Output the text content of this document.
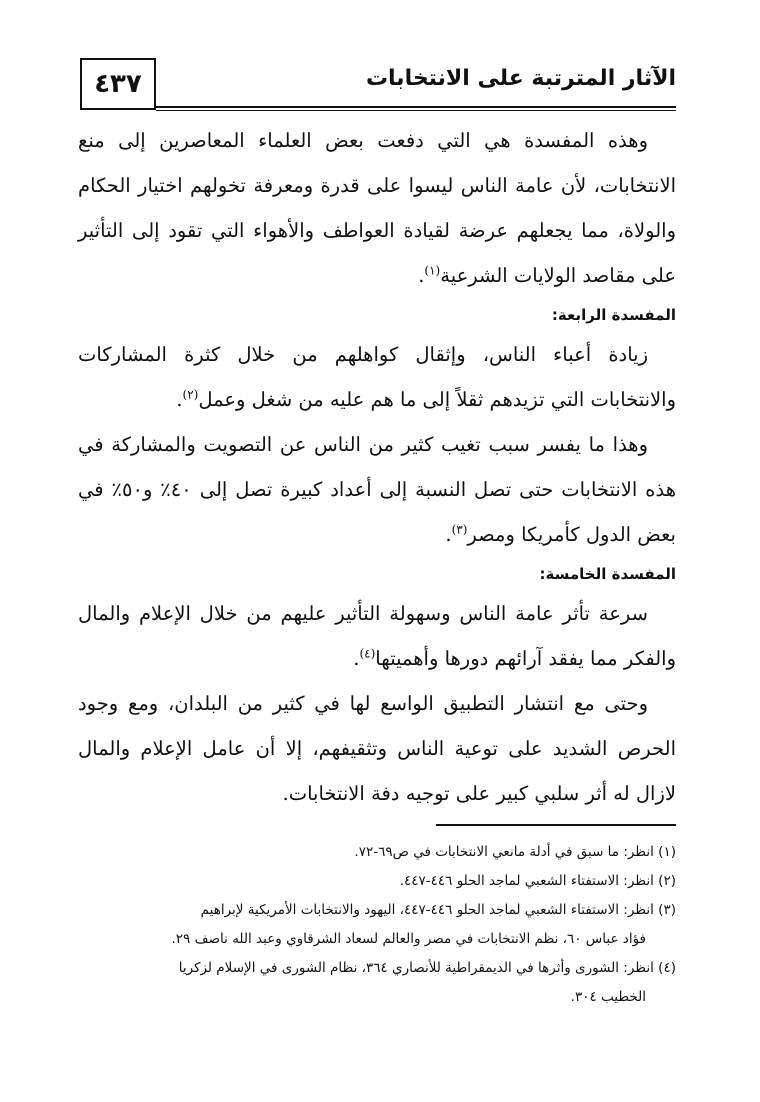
٤٣٧	الآثار المترتبة على الانتخابات

وهذه المفسدة هي التي دفعت بعض العلماء المعاصرين إلى منع الانتخابات، لأن عامة الناس ليسوا على قدرة ومعرفة تخولهم اختيار الحكام والولاة، مما يجعلهم عرضة لقيادة العواطف والأهواء التي تقود إلى التأثير على مقاصد الولايات الشرعية$^{(١)}$.

المفسدة الرابعة:

زيادة أعباء الناس، وإثقال كواهلهم من خلال كثرة المشاركات والانتخابات التي تزيدهم ثقلاً إلى ما هم عليه من شغل وعمل$^{(٢)}$.

وهذا ما يفسر سبب تغيب كثير من الناس عن التصويت والمشاركة في هذه الانتخابات حتى تصل النسبة إلى أعداد كبيرة تصل إلى ٤٠٪ و٥٠٪ في بعض الدول كأمريكا ومصر$^{(٣)}$.

المفسدة الخامسة:

سرعة تأثر عامة الناس وسهولة التأثير عليهم من خلال الإعلام والمال والفكر مما يفقد آرائهم دورها وأهميتها$^{(٤)}$.

وحتى مع انتشار التطبيق الواسع لها في كثير من البلدان، ومع وجود الحرص الشديد على توعية الناس وتثقيفهم، إلا أن عامل الإعلام والمال لازال له أثر سلبي كبير على توجيه دفة الانتخابات.

(١) انظر: ما سبق في أدلة مانعي الانتخابات في ص٦٩-٧٢.

(٢) انظر: الاستفتاء الشعبي لماجد الحلو ٤٤٦-٤٤٧.

(٣) انظر: الاستفتاء الشعبي لماجد الحلو ٤٤٦-٤٤٧، اليهود والانتخابات الأمريكية لإبراهيم

فؤاد عباس ٦٠، نظم الانتخابات في مصر والعالم لسعاد الشرقاوي وعبد الله ناصف ٢٩.

(٤) انظر: الشورى وأثرها في الديمقراطية للأنصاري ٣٦٤، نظام الشورى في الإسلام لزكريا

الخطيب ٣٠٤.
